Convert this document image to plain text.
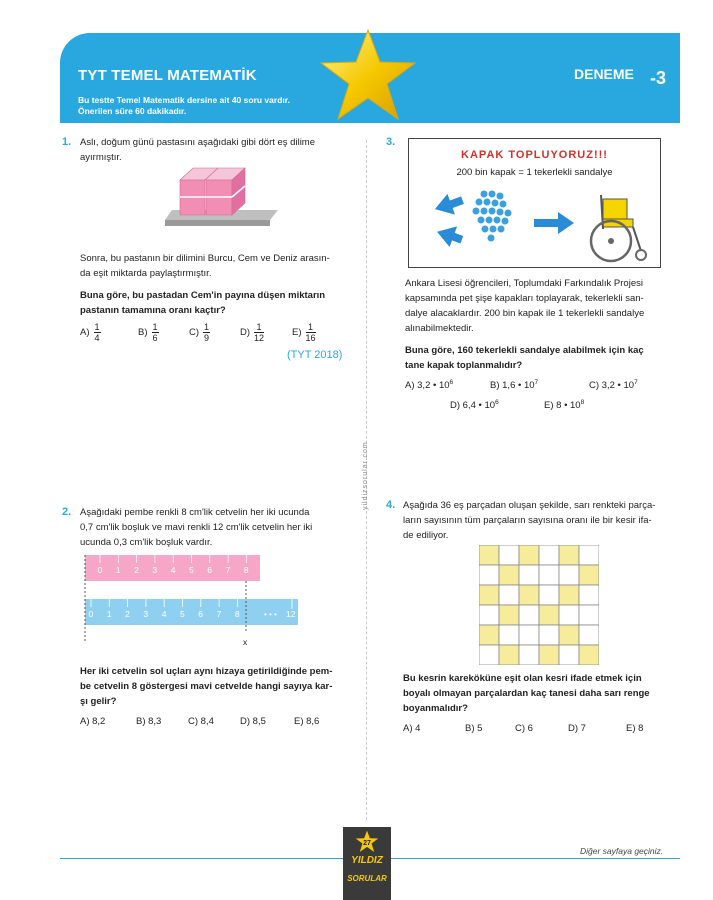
TYT TEMEL MATEMATİK
Bu testte Temel Matematik dersine ait 40 soru vardır.
Önerilen süre 60 dakikadır.
DENEME -3
yildizsorular.com
1. Aslı, doğum günü pastasını aşağıdaki gibi dört eş dilime
ayırmıştır.
Sonra, bu pastanın bir dilimini Burcu, Cem ve Deniz arasın-
da eşit miktarda paylaştırmıştır.
Buna göre, bu pastadan Cem'in payına düşen miktarın
pastanın tamamına oranı kaçtır?
$A) \frac{1}{4}$	$B) \frac{1}{6}$	$C) \frac{1}{9}$	$D) \frac{1}{12}$	$E) \frac{1}{16}$
(TYT 2018)
2. Aşağıdaki pembe renkli 8 cm'lik cetvelin her iki ucunda
0,7 cm'lik boşluk ve mavi renkli 12 cm'lik cetvelin her iki
ucunda 0,3 cm'lik boşluk vardır.
0 1 2 3 4 5 6 7 8
0 1 2 3 4 5 6 7 8	• • • 12
x
Her iki cetvelin sol uçları aynı hizaya getirildiğinde pem-
be cetvelin 8 göstergesi mavi cetvelde hangi sayıya kar-
şı gelir?
A) 8,2	B) 8,3	C) 8,4	D) 8,5	E) 8,6
3.
KAPAK TOPLUYORUZ!!!
200 bin kapak = 1 tekerlekli sandalye
Ankara Lisesi öğrencileri, Toplumdaki Farkındalık Projesi
kapsamında pet şişe kapakları toplayarak, tekerlekli san-
dalye alacaklardır. 200 bin kapak ile 1 tekerlekli sandalye
alınabilmektedir.
Buna göre, 160 tekerlekli sandalye alabilmek için kaç
tane kapak toplanmalıdır?
A) 3,2 • $10^6$	B) 1,6 • $10^7$	C) 3,2 • $10^7$
D) 6,4 • $10^6$	E) 8 • $10^8$
4. Aşağıda 36 eş parçadan oluşan şekilde, sarı renkteki parça-
ların sayısının tüm parçaların sayısına oranı ile bir kesir ifa-
de ediliyor.
Bu kesrin kareköküne eşit olan kesri ifade etmek için
boyalı olmayan parçalardan kaç tanesi daha sarı renge
boyanmalıdır?
A) 4	B) 5	C) 6	D) 7	E) 8
Diğer sayfaya geçiniz.
27
YILDIZ
SORULAR
